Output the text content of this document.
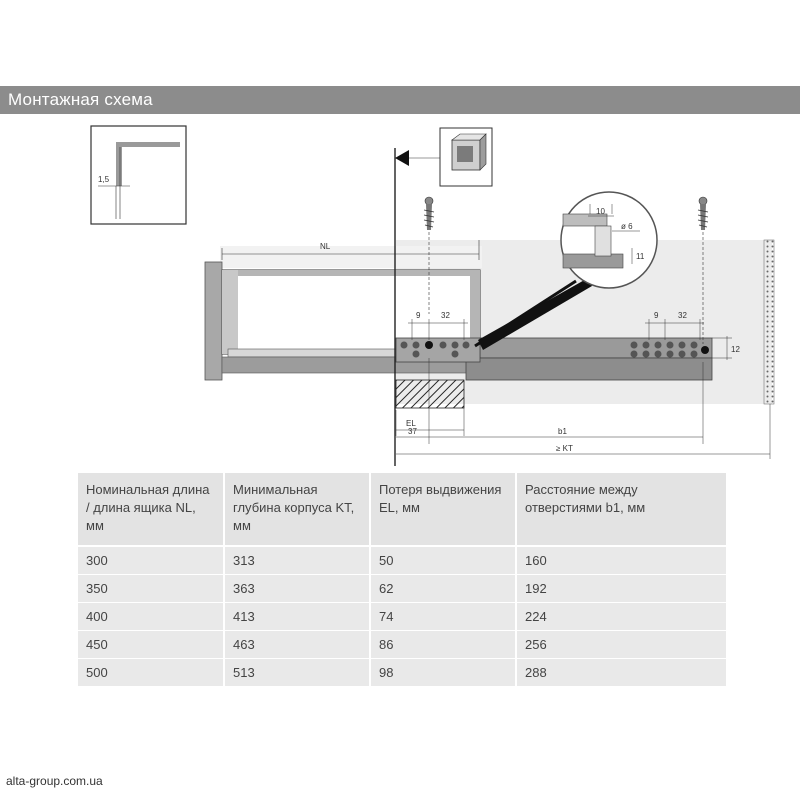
Монтажная схема
1,5
NL
9	32	9 32
12
10
ø 6
11
EL
37	b1
≥ KT
Номинальная длина / длина ящика NL, мм	Минимальная глубина корпуса KT, мм	Потеря выдвижения EL, мм	Расстояние между отверстиями b1, мм
300	313	50	160
350	363	62	192
400	413	74	224
450	463	86	256
500	513	98	288
alta-group.com.ua
